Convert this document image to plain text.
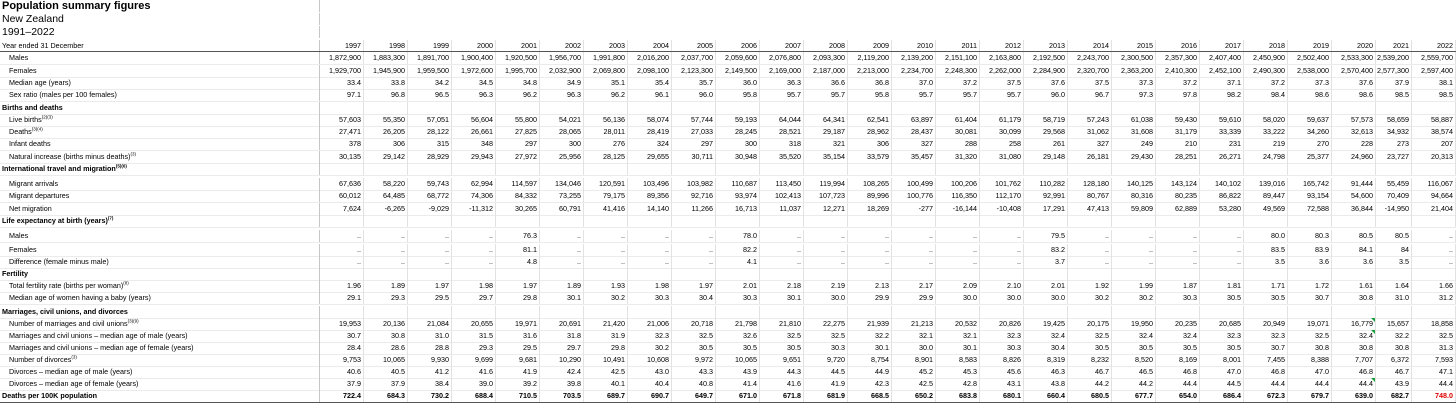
Population summary figures
New Zealand
1991–2022
Year ended 31 December	1997	1998	1999	2000	2001	2002	2003	2004	2005	2006	2007	2008	2009	2010	2011	2012	2013	2014	2015	2016	2017	2018	2019	2020	2021	2022
Males	1,872,900	1,883,300	1,891,700	1,900,400	1,920,500	1,956,700	1,991,800	2,016,200	2,037,700	2,059,600	2,076,800	2,093,300	2,119,200	2,139,200	2,151,100	2,163,800	2,192,500	2,243,700	2,300,500	2,357,300	2,407,400	2,450,900	2,502,400	2,533,300 2,539,200	2,559,700
Females	1,929,700	1,945,900	1,959,500	1,972,600	1,995,700	2,032,900	2,069,800	2,098,100	2,123,300	2,149,500	2,169,000	2,187,000	2,213,000	2,234,700	2,248,300	2,262,000	2,284,900	2,320,700	2,363,200	2,410,300	2,452,100	2,490,300	2,538,000	2,570,400 2,577,300	2,597,400
Median age (years)	33.4	33.8	34.2	34.5	34.8	34.9	35.1	35.4	35.7	36.0	36.3	36.6	36.8	37.0	37.2	37.5	37.6	37.5	37.3	37.2	37.1	37.2	37.3	37.6	37.9	38.1
Sex ratio (males per 100 females)	97.1	96.8	96.5	96.3	96.2	96.3	96.2	96.1	96.0	95.8	95.7	95.7	95.8	95.7	95.7	95.7	96.0	96.7	97.3	97.8	98.2	98.4	98.6	98.6	98.5	98.5
Births and deaths
Live births$^{(2)(3)}$	57,603	55,350	57,051	56,604	55,800	54,021	56,136	58,074	57,744	59,193	64,044	64,341	62,541	63,897	61,404	61,179	58,719	57,243	61,038	59,430	59,610	58,020	59,637	57,573	58,659	58,887
Deaths$^{(3)(4)}$	27,471	26,205	28,122	26,661	27,825	28,065	28,011	28,419	27,033	28,245	28,521	29,187	28,962	28,437	30,081	30,099	29,568	31,062	31,608	31,179	33,339	33,222	34,260	32,613	34,932	38,574
Infant deaths	378	306	315	348	297	300	276	324	297	300	318	321	306	327	288	258	261	327	249	210	231	219	270	228	273	207
Natural increase (births minus deaths)$^{(3)}$	30,135	29,142	28,929	29,943	27,972	25,956	28,125	29,655	30,711	30,948	35,520	35,154	33,579	35,457	31,320	31,080	29,148	26,181	29,430	28,251	26,271	24,798	25,377	24,960	23,727	20,313
International travel and migration$^{(5)(6)}$
Migrant arrivals	67,636	58,220	59,743	62,994	114,597	134,046	120,591	103,496	103,982	110,687	113,450	119,994	108,265	100,499	100,206	101,762	110,282	128,180	140,125	143,124	140,102	139,016	165,742	91,444	55,459	116,067
Migrant departures	60,012	64,485	68,772	74,306	84,332	73,255	79,175	89,356	92,716	93,974	102,413	107,723	89,996	100,776	116,350	112,170	92,991	80,767	80,316	80,235	86,822	89,447	93,154	54,600	70,409	94,664
Net migration	7,624	-6,265	-9,029	-11,312	30,265	60,791	41,416	14,140	11,266	16,713	11,037	12,271	18,269	-277	-16,144	-10,408	17,291	47,413	59,809	62,889	53,280	49,569	72,588	36,844	-14,950	21,404
Life expectancy at birth (years)$^{(7)}$
Males	..	..	..	..	76.3	..	..	..	..	78.0	..	..	..	..	..	..	79.5	..	..	..	..	80.0	80.3	80.5	80.5	..
Females	..	..	..	..	81.1	..	..	..	..	82.2	..	..	..	..	..	..	83.2	..	..	..	..	83.5	83.9	84.1	84	..
Difference (female minus male)	..	..	..	..	4.8	..	..	..	..	4.1	..	..	..	..	..	..	3.7	..	..	..	..	3.5	3.6	3.6	3.5	..
Fertility
Total fertility rate (births per woman)$^{(8)}$	1.96	1.89	1.97	1.98	1.97	1.89	1.93	1.98	1.97	2.01	2.18	2.19	2.13	2.17	2.09	2.10	2.01	1.92	1.99	1.87	1.81	1.71	1.72	1.61	1.64	1.66
Median age of women having a baby (years)	29.1	29.3	29.5	29.7	29.8	30.1	30.2	30.3	30.4	30.3	30.1	30.0	29.9	29.9	30.0	30.0	30.0	30.2	30.2	30.3	30.5	30.5	30.7	30.8	31.0	31.2
Marriages, civil unions, and divorces
Number of marriages and civil unions$^{(3)(9)}$	19,953	20,136	21,084	20,655	19,971	20,691	21,420	21,006	20,718	21,798	21,810	22,275	21,939	21,213	20,532	20,826	19,425	20,175	19,950	20,235	20,685	20,949	19,071	16,779	15,657	18,858
Marriages and civil unions – median age of male (years)	30.7	30.8	31.0	31.5	31.6	31.8	31.9	32.3	32.5	32.6	32.5	32.5	32.2	32.1	32.1	32.3	32.4	32.5	32.4	32.4	32.3	32.3	32.5	32.4	32.2	32.5
Marriages and civil unions – median age of female (years)	28.4	28.6	28.8	29.3	29.5	29.7	29.8	30.2	30.5	30.5	30.5	30.3	30.1	30.0	30.1	30.3	30.4	30.5	30.5	30.5	30.5	30.7	30.8	30.8	30.8	31.3
Number of divorces$^{(3)}$	9,753	10,065	9,930	9,699	9,681	10,290	10,491	10,608	9,972	10,065	9,651	9,720	8,754	8,901	8,583	8,826	8,319	8,232	8,520	8,169	8,001	7,455	8,388	7,707	6,372	7,593
Divorces – median age of male (years)	40.6	40.5	41.2	41.6	41.9	42.4	42.5	43.0	43.3	43.9	44.3	44.5	44.9	45.2	45.3	45.6	46.3	46.7	46.5	46.8	47.0	46.8	47.0	46.8	46.7	47.1
Divorces – median age of female (years)	37.9	37.9	38.4	39.0	39.2	39.8	40.1	40.4	40.8	41.4	41.6	41.9	42.3	42.5	42.8	43.1	43.8	44.2	44.2	44.4	44.5	44.4	44.4	44.4	43.9	44.4
Deaths per 100K population	722.4	684.3	730.2	688.4	710.5	703.5	689.7	690.7	649.7	671.0	671.8	681.9	668.5	650.2	683.8	680.1	660.4	680.5	677.7	654.0	686.4	672.3	679.7	639.0	682.7	748.0
